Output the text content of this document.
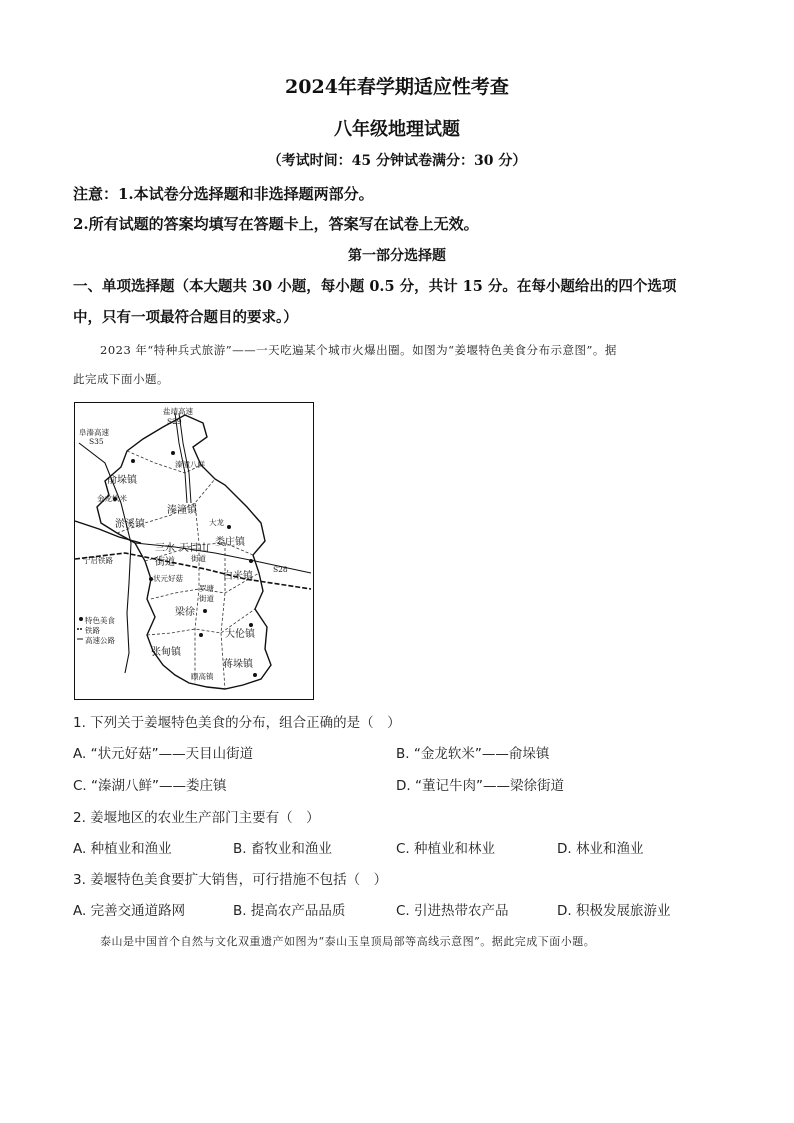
2024年春学期适应性考查
八年级地理试题
（考试时间：45 分钟试卷满分：30 分）
注意：1.本试卷分选择题和非选择题两部分。
2.所有试题的答案均填写在答题卡上，答案写在试卷上无效。
第一部分选择题
一、单项选择题（本大题共 30 小题，每小题 0.5 分，共计 15 分。在每小题给出的四个选项
中，只有一项最符合题目的要求。）
2023 年“特种兵式旅游”——一天吃遍某个城市火爆出圈。如图为“姜堰特色美食分布示意图”。据
此完成下面小题。
盐靖高速
S29
阜溱高速
S35
溱潼八鲜
俞垛镇
金龙软米
溱潼镇
淤溪镇	大龙
娄庄镇
三水 天目山
街道 街道
S28
白米镇
宁启铁路
状元好菇
罗塘
街道
梁徐
大伦镇
张甸镇
蒋垛镇
顾高镇
特色美食
铁路
高速公路
1. 下列关于姜堰特色美食的分布，组合正确的是（　）
A. “状元好菇”——天目山街道	B. “金龙软米”——俞垛镇
C. “溱湖八鲜”——娄庄镇	D. “董记牛肉”——梁徐街道
2. 姜堰地区的农业生产部门主要有（　）
A. 种植业和渔业	B. 畜牧业和渔业	C. 种植业和林业	D. 林业和渔业
3. 姜堰特色美食要扩大销售，可行措施不包括（　）
A. 完善交通道路网	B. 提高农产品品质	C. 引进热带农产品	D. 积极发展旅游业
泰山是中国首个自然与文化双重遗产如图为“泰山玉皇顶局部等高线示意图”。据此完成下面小题。
